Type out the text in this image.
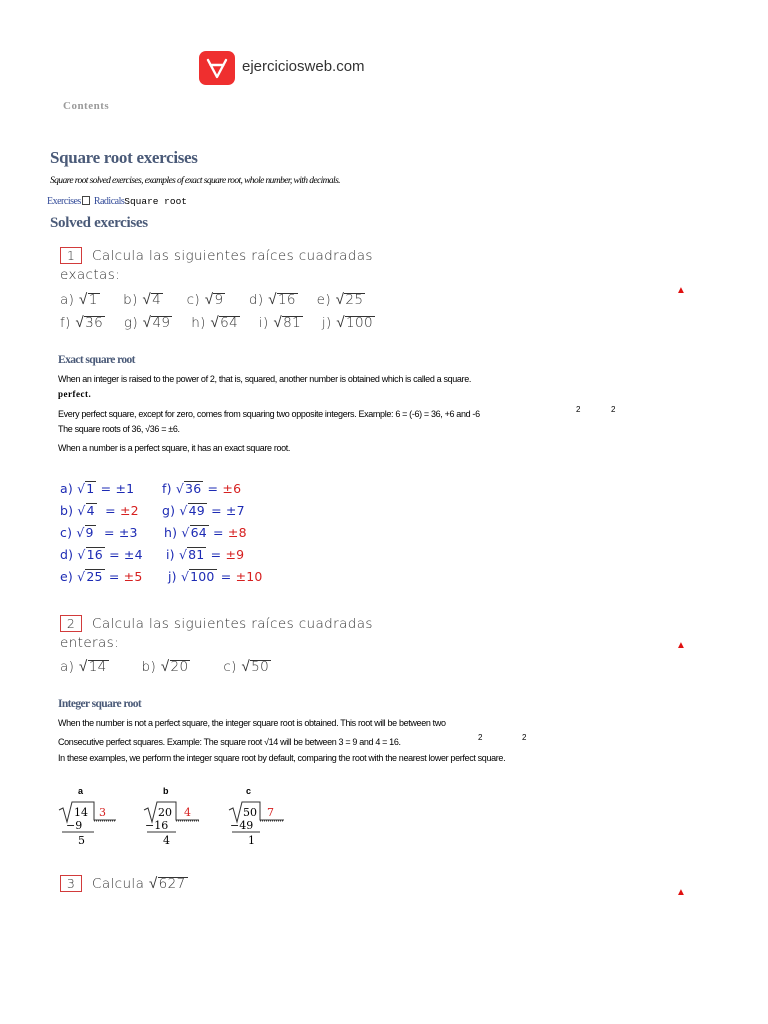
ejerciciosweb.com
Contents
Square root exercises
Square root solved exercises, examples of exact square root, whole number, with decimals.
Exercises RadicalsSquare root
Solved exercises
1 Calcula las siguientes raíces cuadradas
exactas:
a) √1 b) √4 c) √9 d) √16 e) √25
f) √36 g) √49 h) √64 i) √81 j) √100
▲
Exact square root
When an integer is raised to the power of 2, that is, squared, another number is obtained which is called a square.
perfect.
Every perfect square, except for zero, comes from squaring two opposite integers. Example: 6 = (-6) = 36, +6 and -6	2	2
The square roots of 36, √36 = ±6.
When a number is a perfect square, it has an exact square root.
a) √1 = ±1 f) √36 = ±6
b) √4  = ±2 g) √49 = ±7
c) √9  = ±3 h) √64 = ±8
d) √16 = ±4 i) √81 = ±9
e) √25 = ±5 j) √100 = ±10
2 Calcula las siguientes raíces cuadradas
enteras:
a) √14	b) √20	c) √50
▲
Integer square root
When the number is not a perfect square, the integer square root is obtained. This root will be between two
Consecutive perfect squares. Example: The square root √14 will be between 3 = 9 and 4 = 16.	2	2
In these examples, we perform the integer square root by default, comparing the root with the nearest lower perfect square.
a	b	c
14 3
−9
5
20 4
−16
4
50 7
−49
1
3 Calcula √627
▲
